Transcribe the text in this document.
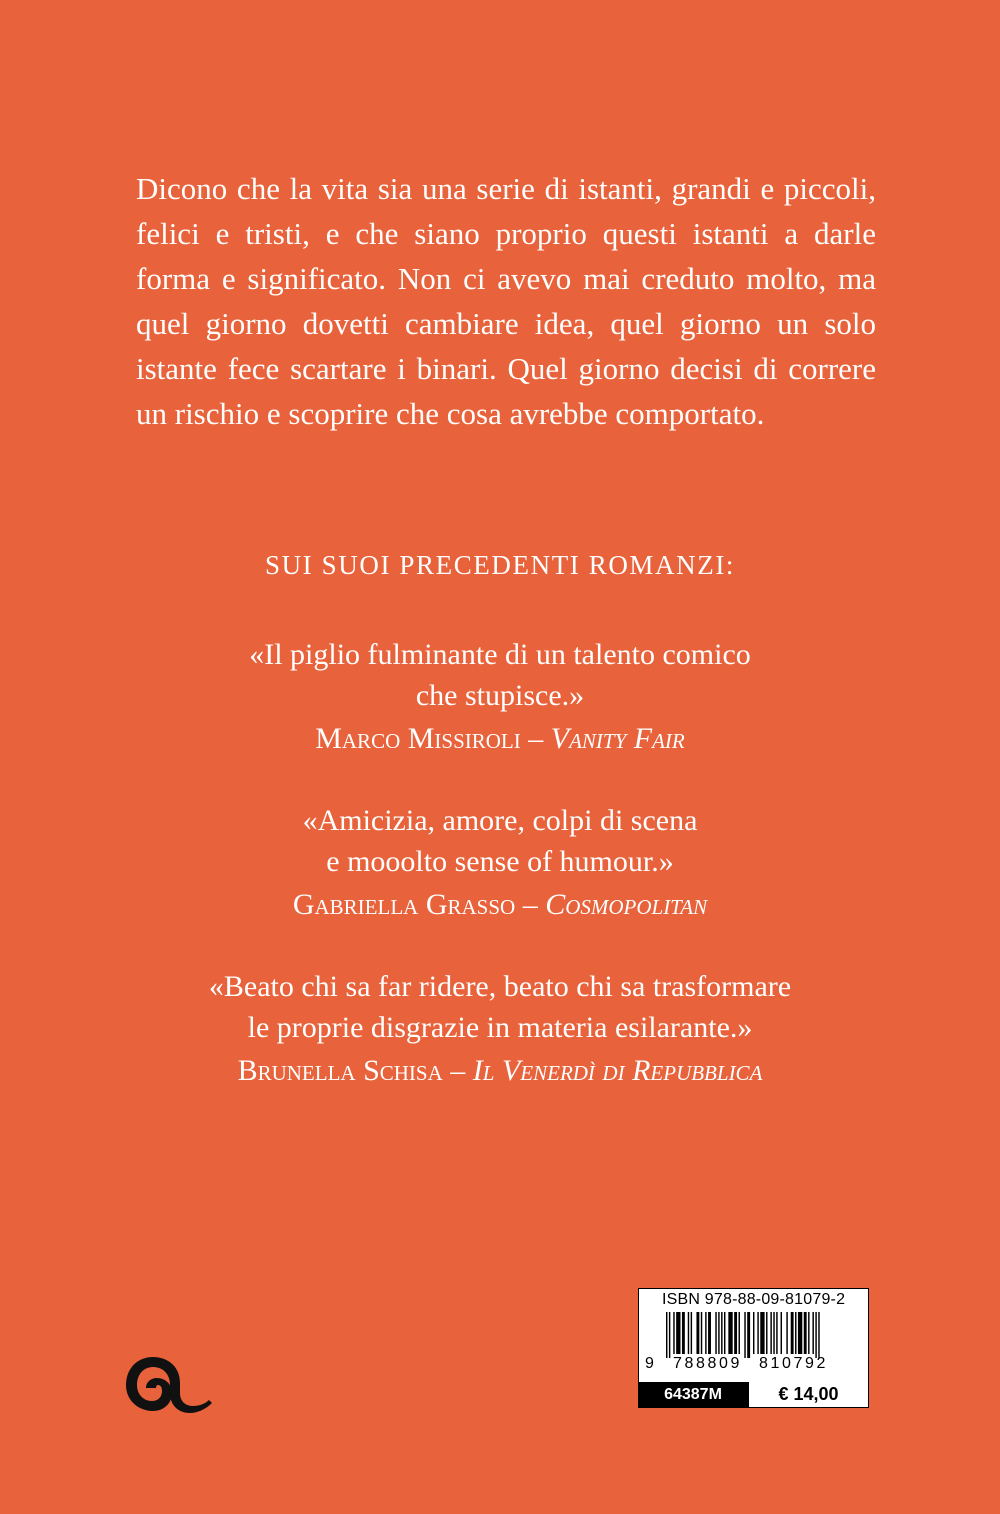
Dicono che la vita sia una serie di istanti, grandi e piccoli, felici e tristi, e che siano proprio questi istanti a darle forma e significato. Non ci avevo mai creduto molto, ma quel giorno dovetti cambiare idea, quel giorno un solo istante fece scartare i binari. Quel giorno decisi di correre un rischio e scoprire che cosa avrebbe comportato.

SUI SUOI PRECEDENTI ROMANZI:
«Il piglio fulminante di un talento comico
che stupisce.»
Marco Missiroli – Vanity Fair
«Amicizia, amore, colpi di scena
e mooolto sense of humour.»
Gabriella Grasso – Cosmopolitan
«Beato chi sa far ridere, beato chi sa trasformare
le proprie disgrazie in materia esilarante.»
Brunella Schisa – Il Venerdì di Repubblica
ISBN 978-88-09-81079-2
9 788809 810792
64387M	€ 14,00
